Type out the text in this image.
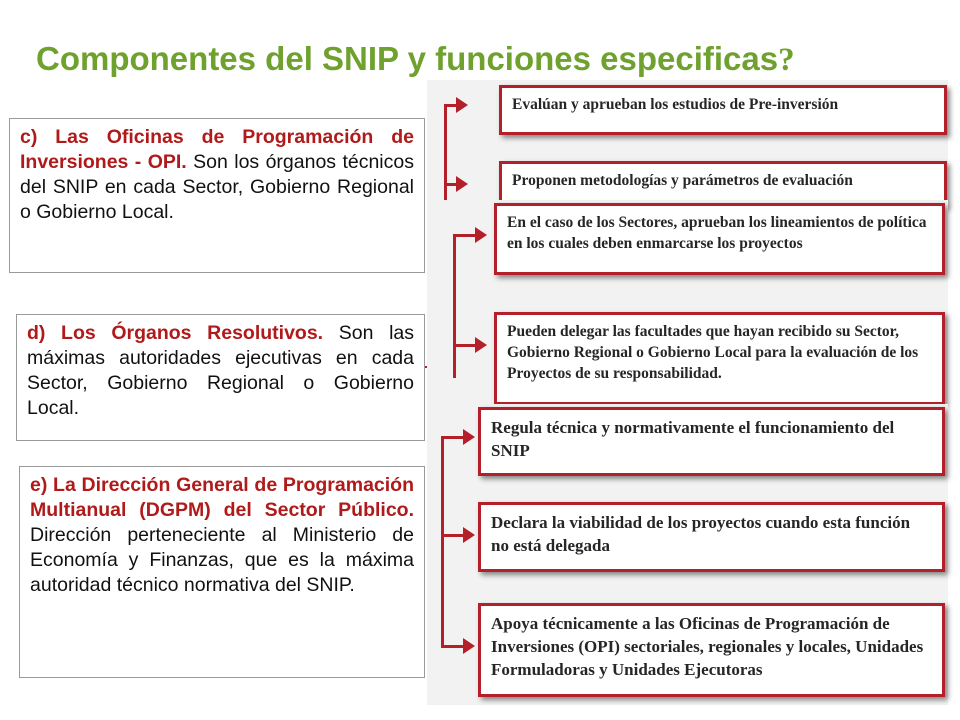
Componentes del SNIP y funciones especificas?
c) Las Oficinas de Programación de Inversiones - OPI. Son los órganos técnicos del SNIP en cada Sector, Gobierno Regional o Gobierno Local.
d) Los Órganos Resolutivos. Son las máximas autoridades ejecutivas en cada Sector, Gobierno Regional o Gobierno Local.
e) La Dirección General de Programación Multianual (DGPM) del Sector Público. Dirección perteneciente al Ministerio de Economía y Finanzas, que es la máxima autoridad técnico normativa del SNIP.
Evalúan y aprueban los estudios de Pre-inversión
Proponen metodologías y parámetros de evaluación
En el caso de los Sectores, aprueban los lineamientos de política en los cuales deben enmarcarse los proyectos
Pueden delegar las facultades que hayan recibido su Sector, Gobierno Regional o Gobierno Local para la evaluación de los Proyectos de su responsabilidad.
Regula técnica y normativamente el funcionamiento del SNIP
Declara la viabilidad de los proyectos cuando esta función no está delegada
Apoya técnicamente a las Oficinas de Programación de Inversiones (OPI) sectoriales, regionales y locales, Unidades Formuladoras y Unidades Ejecutoras
